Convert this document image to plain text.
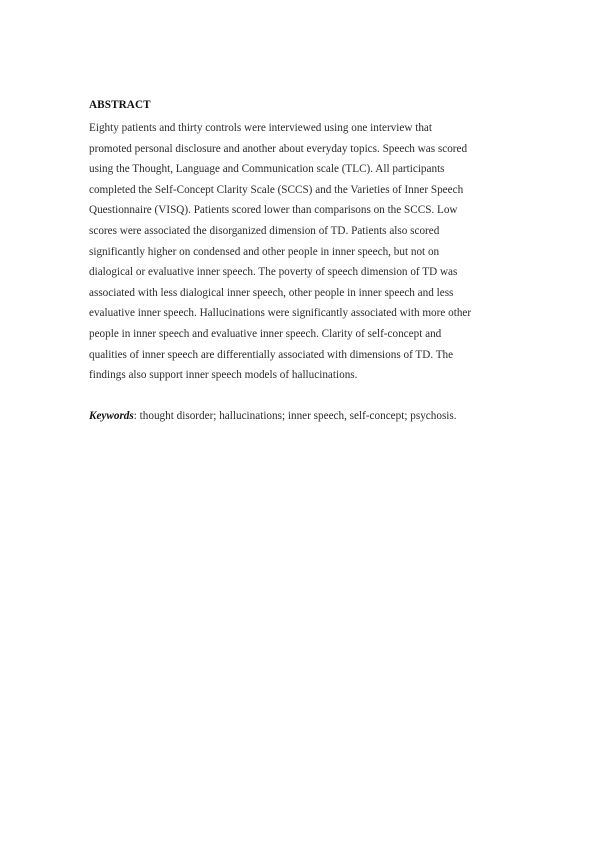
ABSTRACT
Eighty patients and thirty controls were interviewed using one interview that
promoted personal disclosure and another about everyday topics. Speech was scored
using the Thought, Language and Communication scale (TLC). All participants
completed the Self-Concept Clarity Scale (SCCS) and the Varieties of Inner Speech
Questionnaire (VISQ). Patients scored lower than comparisons on the SCCS. Low
scores were associated the disorganized dimension of TD. Patients also scored
significantly higher on condensed and other people in inner speech, but not on
dialogical or evaluative inner speech. The poverty of speech dimension of TD was
associated with less dialogical inner speech, other people in inner speech and less
evaluative inner speech. Hallucinations were significantly associated with more other
people in inner speech and evaluative inner speech. Clarity of self-concept and
qualities of inner speech are differentially associated with dimensions of TD. The
findings also support inner speech models of hallucinations.
Keywords: thought disorder; hallucinations; inner speech, self-concept; psychosis.
